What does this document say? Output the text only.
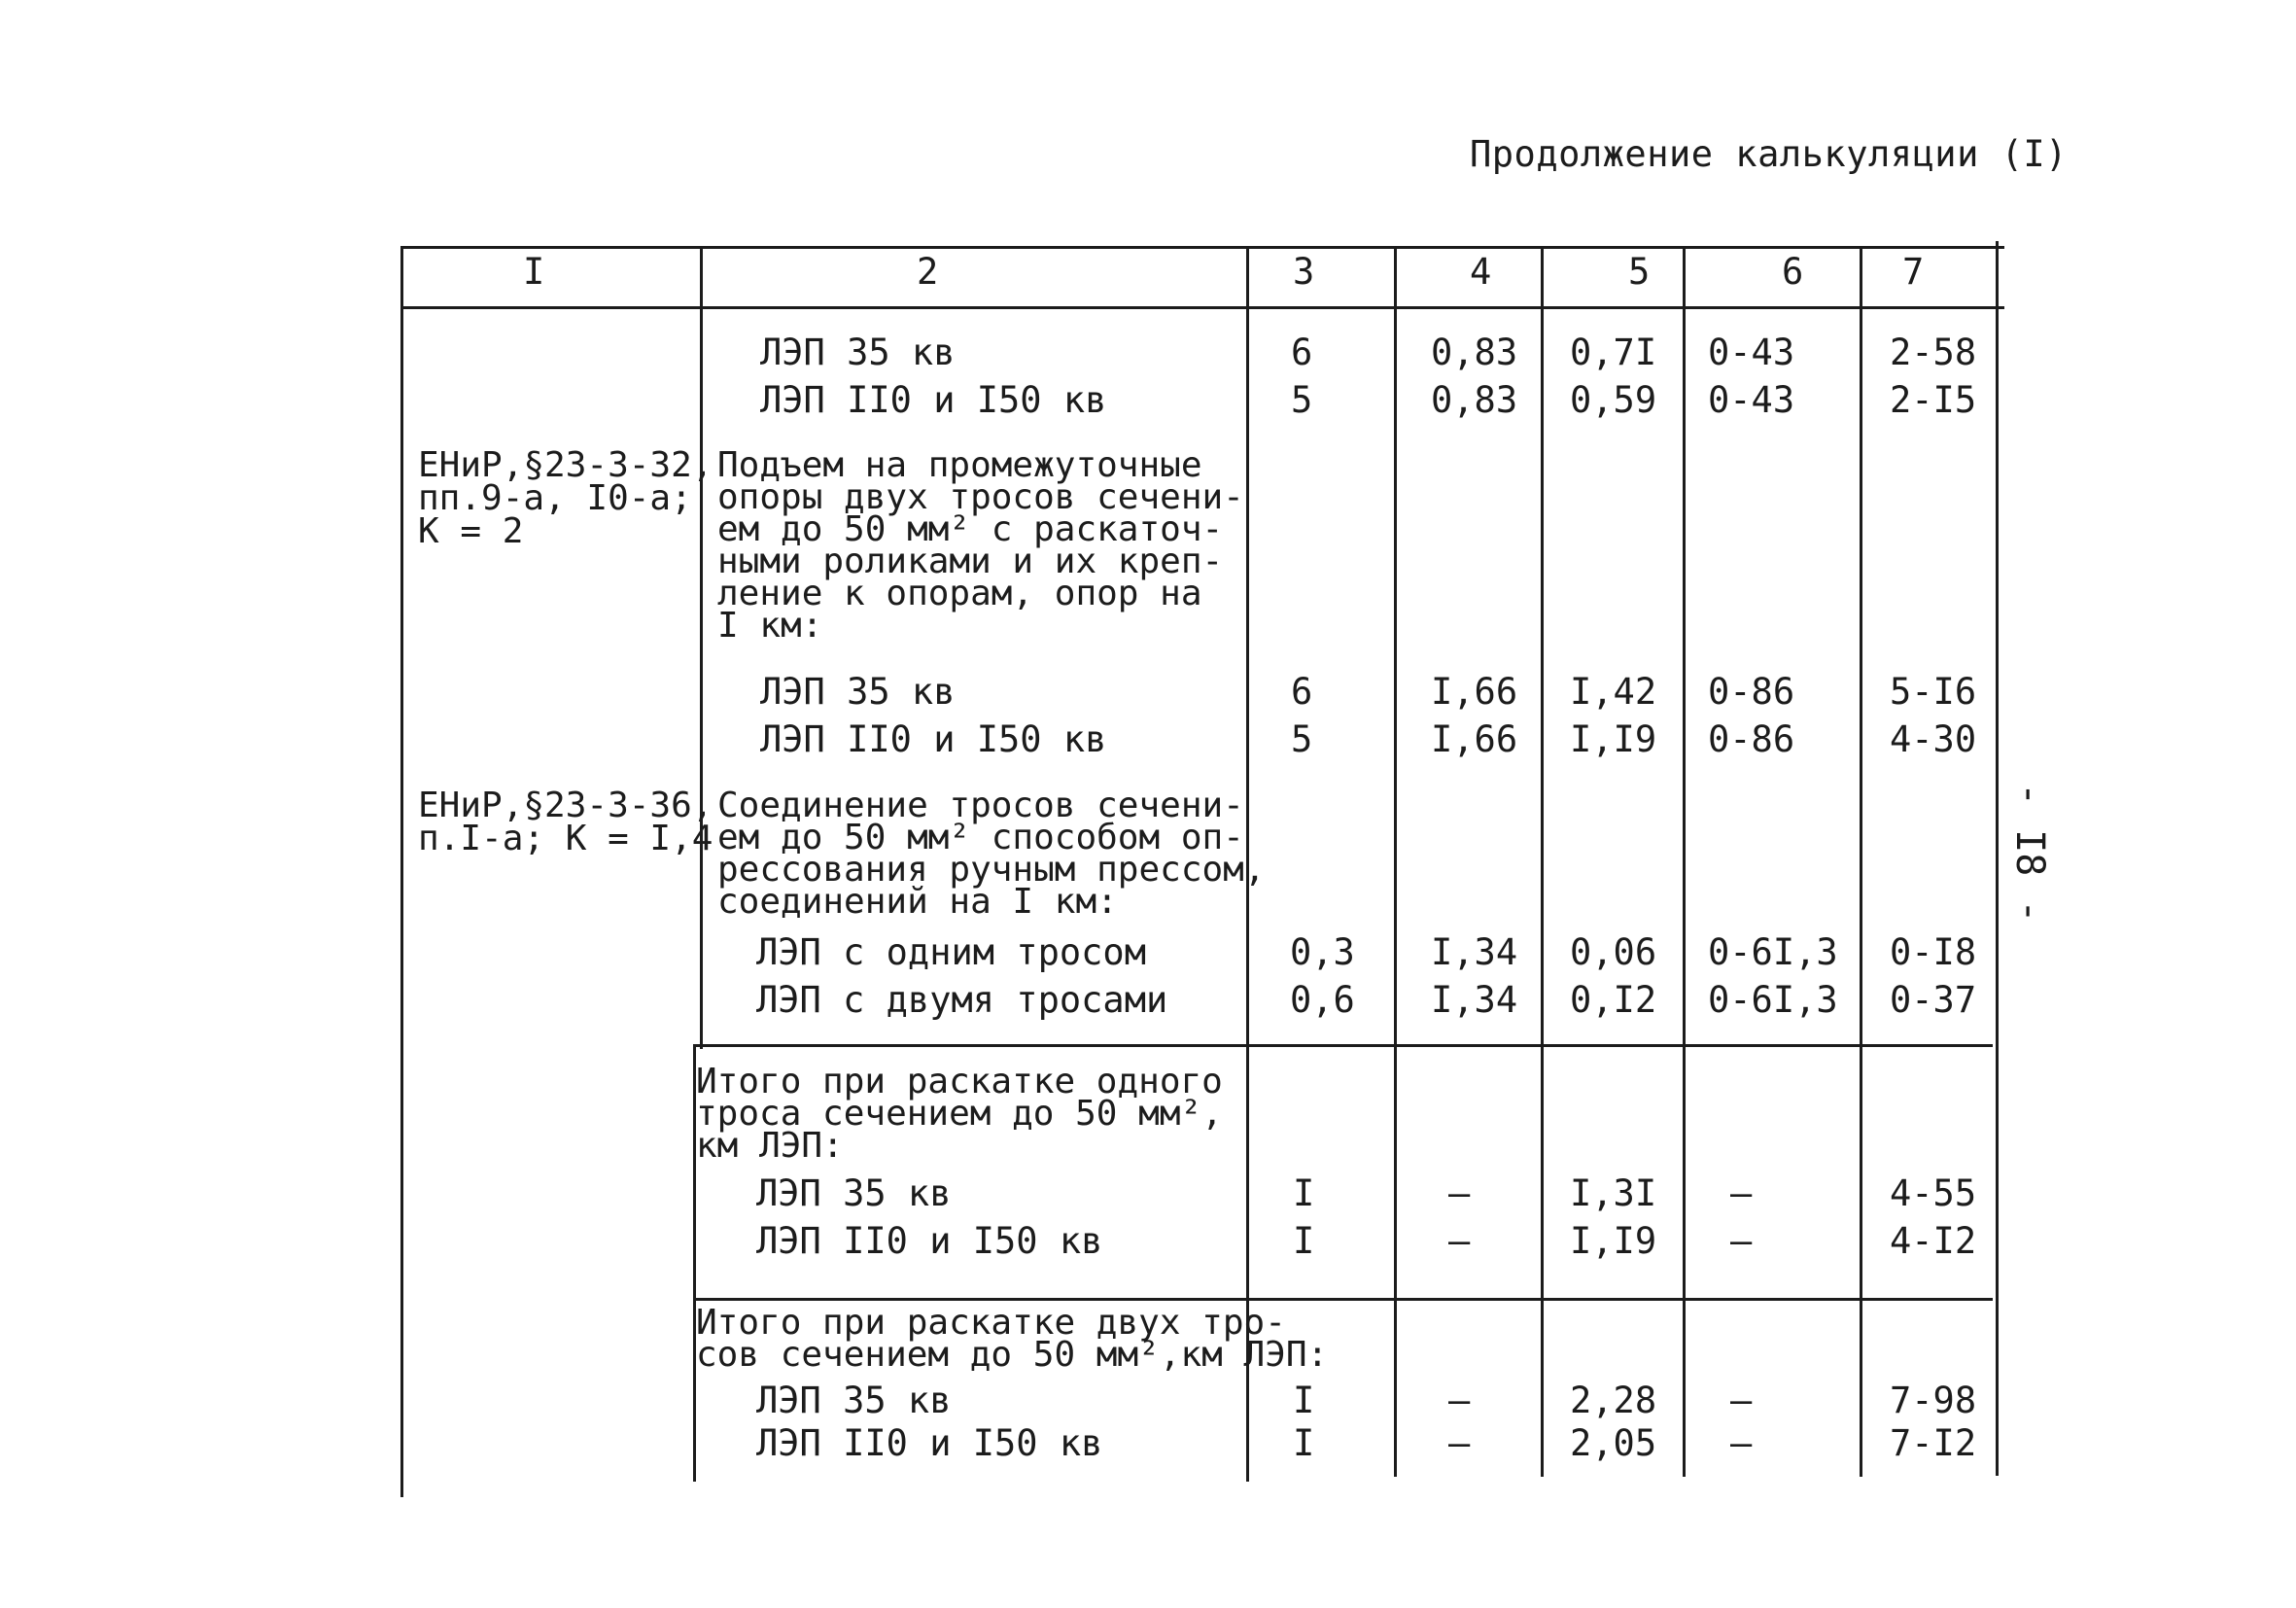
Продолжение калькуляции (I)
- I8 -
I	2	3	4	5	6	7
ЛЭП 35 кв	6	0,83 0,7I 0-43	2-58
ЛЭП II0 и I50 кв	5	0,83 0,59 0-43	2-I5
ЕНиР,§23-3-32,
пп.9-а, I0-а;
К = 2
Подъем на промежуточные
опоры двух тросов сечени-
ем до 50 мм² с раскаточ-
ными роликами и их креп-
ление к опорам, опор на
I км:
ЛЭП 35 кв	6	I,66 I,42 0-86	5-I6
ЛЭП II0 и I50 кв	5	I,66 I,I9 0-86	4-30
ЕНиР,§23-3-36,
п.I-а; К = I,4
Соединение тросов сечени-
ем до 50 мм² способом оп-
рессования ручным прессом,
соединений на I км:
ЛЭП с одним тросом	0,3 I,34 0,06 0-6I,3 0-I8
ЛЭП с двумя тросами	0,6 I,34 0,I2 0-6I,3 0-37
Итого при раскатке одного
троса сечением до 50 мм²,
км ЛЭП:
ЛЭП 35 кв	I	–	I,3I –	4-55
ЛЭП II0 и I50 кв	I	–	I,I9 –	4-I2
Итого при раскатке двух тро-
сов сечением до 50 мм²,км ЛЭП:
ЛЭП 35 кв	I	–	2,28 –	7-98
ЛЭП II0 и I50 кв	I	–	2,05 –	7-I2
